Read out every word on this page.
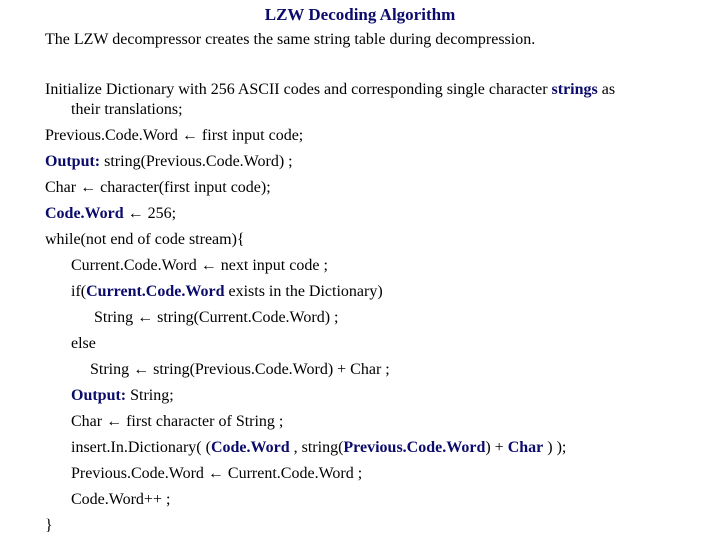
LZW Decoding Algorithm
The LZW decompressor creates the same string table during decompression.
Initialize Dictionary with 256 ASCII codes and corresponding single character strings as
their translations;
Previous.Code.Word ← first input code;
Output: string(Previous.Code.Word) ;
Char ← character(first input code);
Code.Word ← 256;
while(not end of code stream){
Current.Code.Word ← next input code ;
if(Current.Code.Word exists in the Dictionary)
String ← string(Current.Code.Word) ;
else
String ← string(Previous.Code.Word) + Char ;
Output: String;
Char ← first character of String ;
insert.In.Dictionary( (Code.Word , string(Previous.Code.Word) + Char ) );
Previous.Code.Word ← Current.Code.Word ;
Code.Word++ ;
}
